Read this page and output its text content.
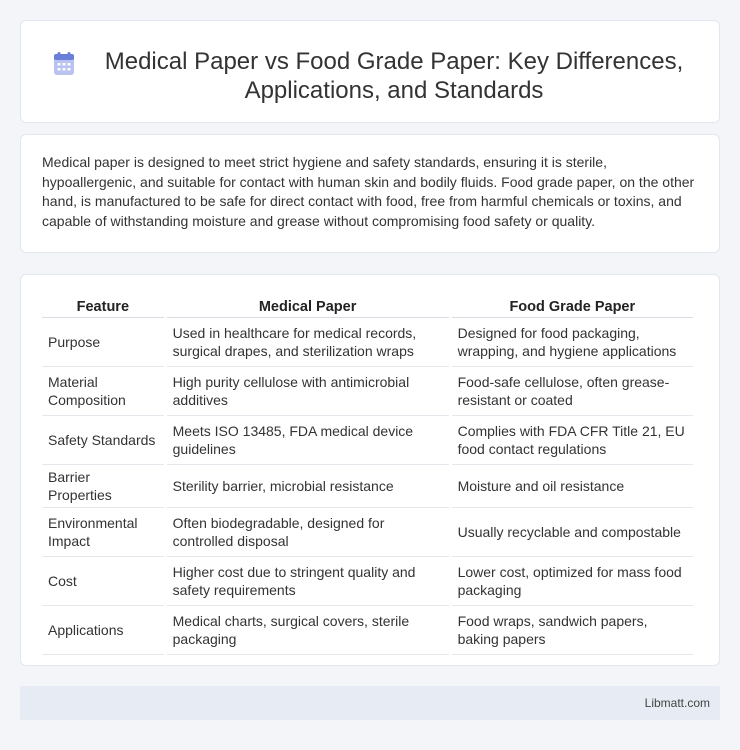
Medical Paper vs Food Grade Paper: Key Differences, Applications, and Standards

Medical paper is designed to meet strict hygiene and safety standards, ensuring it is sterile, hypoallergenic, and suitable for contact with human skin and bodily fluids. Food grade paper, on the other hand, is manufactured to be safe for direct contact with food, free from harmful chemicals or toxins, and capable of withstanding moisture and grease without compromising food safety or quality.

Feature	Medical Paper	Food Grade Paper
Purpose	Used in healthcare for medical records, surgical drapes, and sterilization wraps	Designed for food packaging, wrapping, and hygiene applications
Material Composition	High purity cellulose with antimicrobial additives	Food-safe cellulose, often grease-resistant or coated
Safety Standards	Meets ISO 13485, FDA medical device guidelines	Complies with FDA CFR Title 21, EU food contact regulations
Barrier Properties	Sterility barrier, microbial resistance	Moisture and oil resistance
Environmental Impact	Often biodegradable, designed for controlled disposal	Usually recyclable and compostable
Cost	Higher cost due to stringent quality and safety requirements	Lower cost, optimized for mass food packaging
Applications	Medical charts, surgical covers, sterile packaging	Food wraps, sandwich papers, baking papers
Libmatt.com
